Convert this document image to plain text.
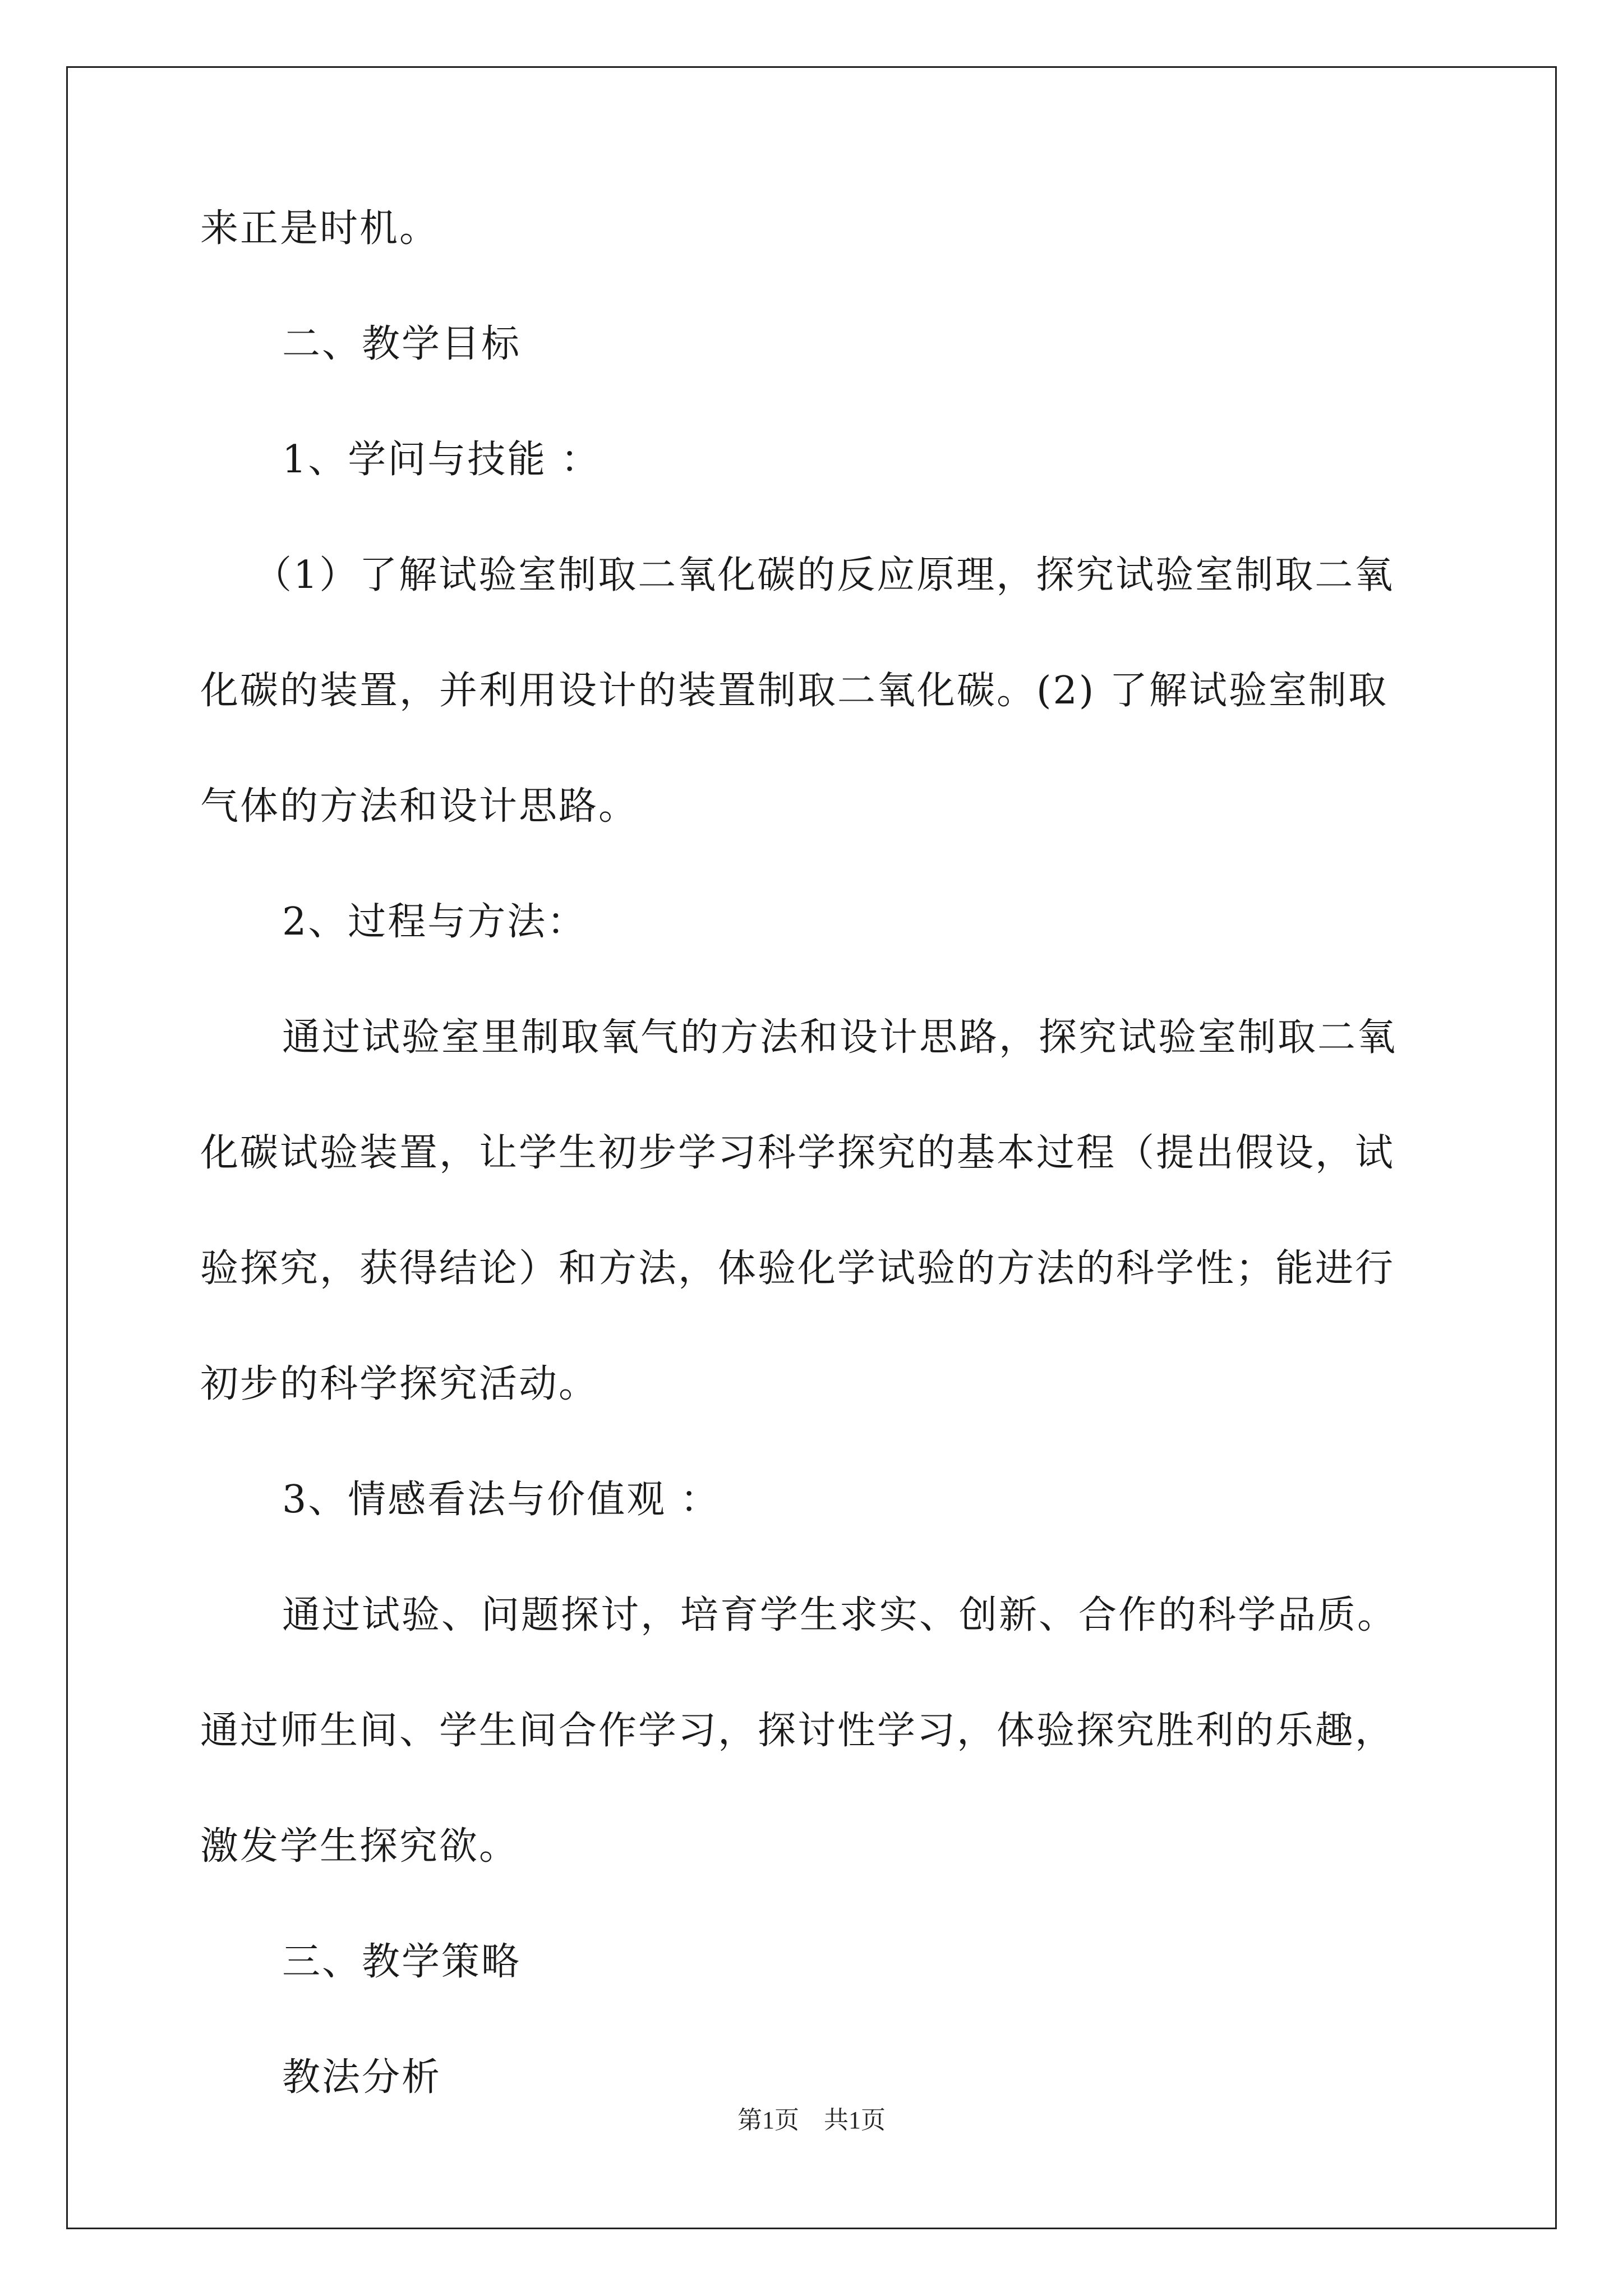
来正是时机。

二、教学目标

1、学问与技能 ：

（1）了解试验室制取二氧化碳的反应原理，探究试验室制取二氧

化碳的装置，并利用设计的装置制取二氧化碳。(2) 了解试验室制取

气体的方法和设计思路。

2、过程与方法：

通过试验室里制取氧气的方法和设计思路，探究试验室制取二氧

化碳试验装置，让学生初步学习科学探究的基本过程（提出假设，试

验探究，获得结论）和方法，体验化学试验的方法的科学性；能进行

初步的科学探究活动。

3、情感看法与价值观 ：

通过试验、问题探讨，培育学生求实、创新、合作的科学品质。

通过师生间、学生间合作学习，探讨性学习，体验探究胜利的乐趣，

激发学生探究欲。

三、教学策略

教法分析

第1页　共1页
